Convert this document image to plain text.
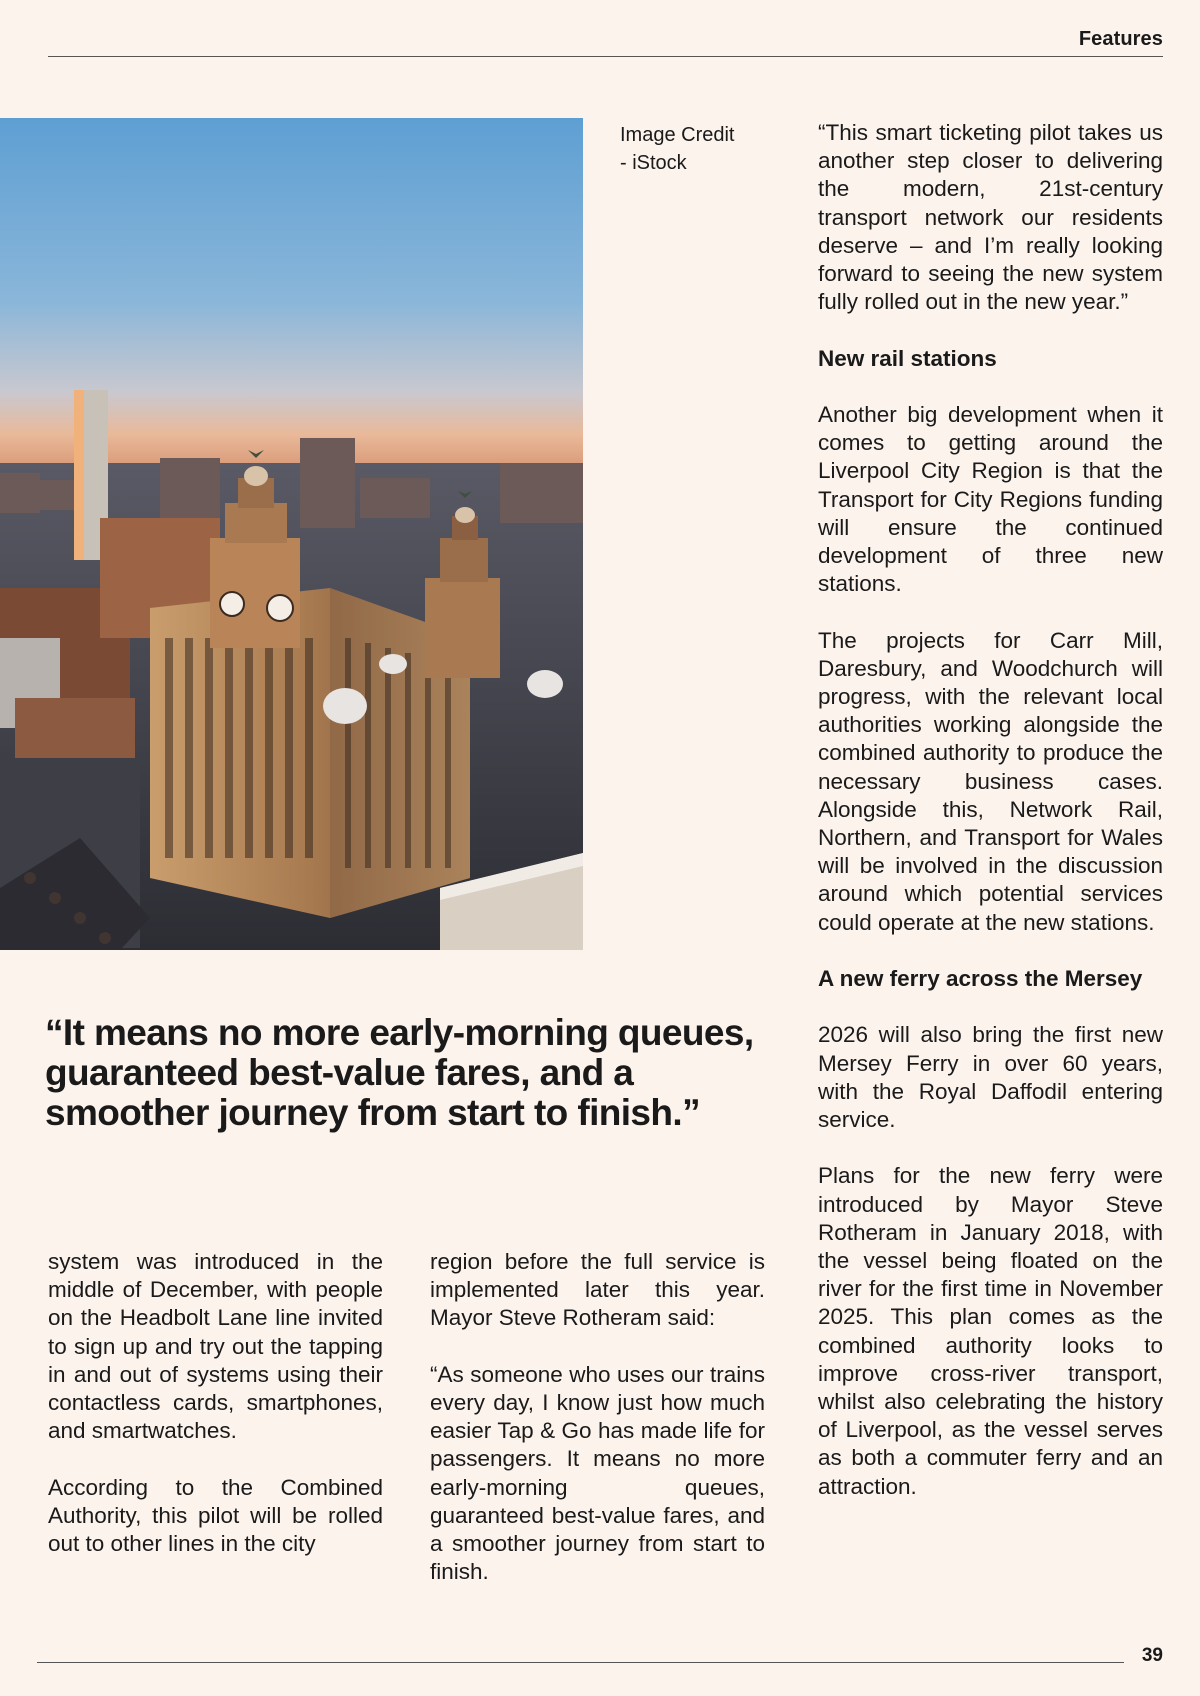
Features
Image Credit
- iStock
“It means no more early-morning queues, guaranteed best-value fares, and a smoother journey from start to finish.”

system was introduced in the middle of December, with people on the Headbolt Lane line invited to sign up and try out the tapping in and out of systems using their contactless cards, smartphones, and smartwatches.

According to the Combined Authority, this pilot will be rolled out to other lines in the city

region before the full service is implemented later this year. Mayor Steve Rotheram said:

“As someone who uses our trains every day, I know just how much easier Tap & Go has made life for passengers. It means no more early-morning queues, guaranteed best-value fares, and a smoother journey from start to finish.

“This smart ticketing pilot takes us another step closer to delivering the modern, 21st-century transport network our residents deserve – and I’m really looking forward to seeing the new system fully rolled out in the new year.”

New rail stations

Another big development when it comes to getting around the Liverpool City Region is that the Transport for City Regions funding will ensure the continued development of three new stations.

The projects for Carr Mill, Daresbury, and Woodchurch will progress, with the relevant local authorities working alongside the combined authority to produce the necessary business cases. Alongside this, Network Rail, Northern, and Transport for Wales will be involved in the discussion around which potential services could operate at the new stations.

A new ferry across the Mersey

2026 will also bring the first new Mersey Ferry in over 60 years, with the Royal Daffodil entering service.

Plans for the new ferry were introduced by Mayor Steve Rotheram in January 2018, with the vessel being floated on the river for the first time in November 2025. This plan comes as the combined authority looks to improve cross-river transport, whilst also celebrating the history of Liverpool, as the vessel serves as both a commuter ferry and an attraction.

39
